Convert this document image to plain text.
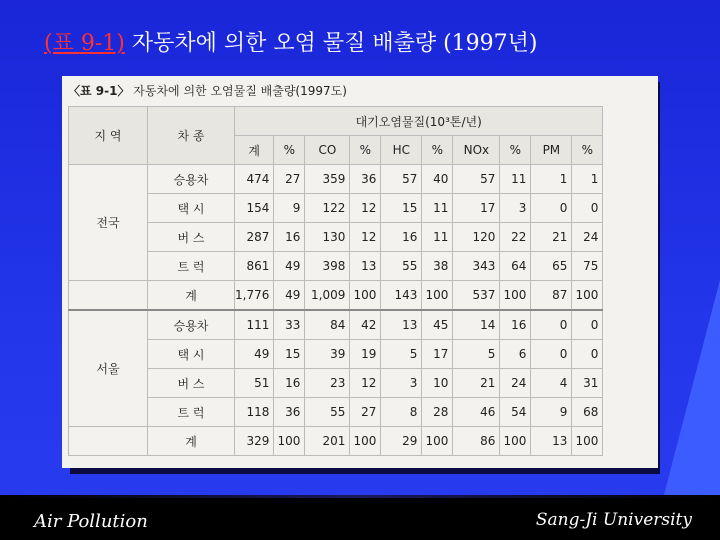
(표 9-1) 자동차에 의한 오염 물질 배출량 (1997년)
〈표 9-1〉 자동차에 의한 오염물질 배출량(1997도)
지 역	차 종	대기오염물질(10³톤/년)									
		계	%	CO	%	HC	%	NOx	%	PM	%
전국	승용차	474	27	359	36	57	40	57	11	1	1
	택 시	154	9	122	12	15	11	17	3	0	0
	버 스	287	16	130	12	16	11	120	22	21	24
	트 럭	861	49	398	13	55	38	343	64	65	75
	계	1,776	49	1,009	100	143	100	537	100	87	100
서울	승용차	111	33	84	42	13	45	14	16	0	0
	택 시	49	15	39	19	5	17	5	6	0	0
	버 스	51	16	23	12	3	10	21	24	4	31
	트 럭	118	36	55	27	8	28	46	54	9	68
	계	329	100	201	100	29	100	86	100	13	100
Air Pollution	Sang-Ji University
